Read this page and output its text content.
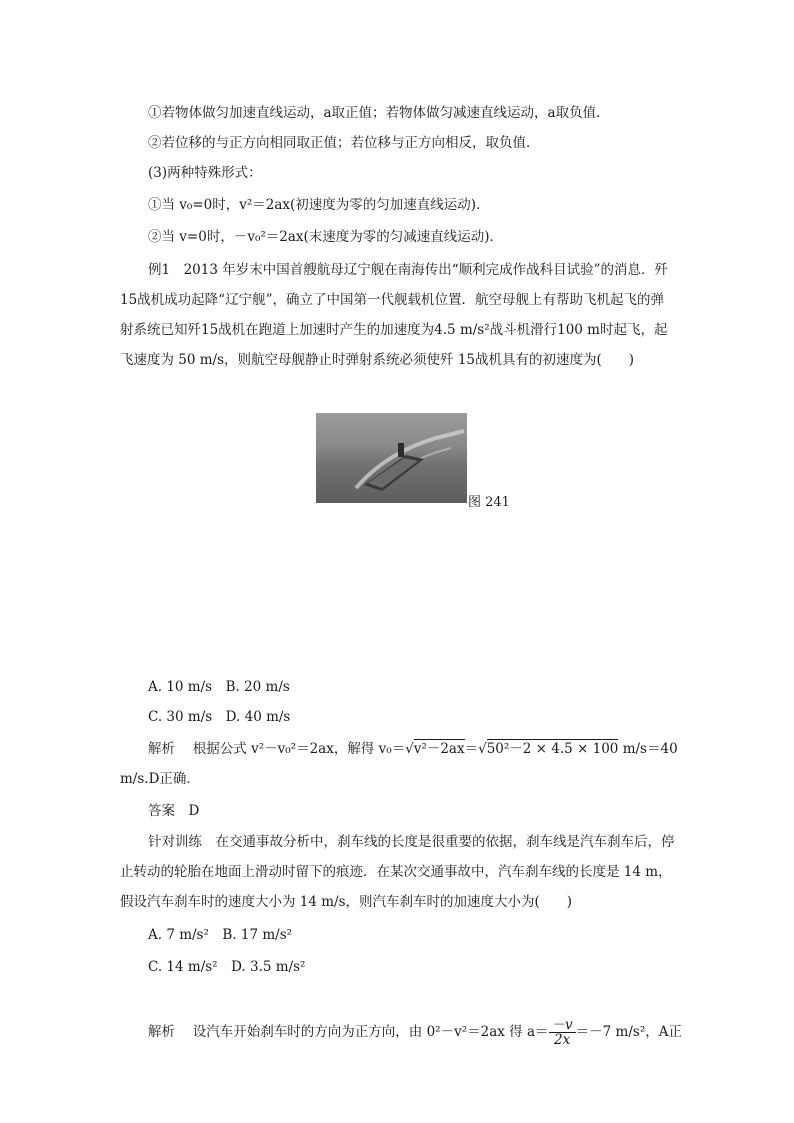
①若物体做匀加速直线运动，a取正值；若物体做匀减速直线运动，a取负值．
②若位移的与正方向相同取正值；若位移与正方向相反，取负值．
(3)两种特殊形式：
①当 v₀=0时，v²＝2ax(初速度为零的匀加速直线运动)．
②当 v=0时，－v₀²＝2ax(末速度为零的匀减速直线运动)．
例1　2013 年岁末中国首艘航母辽宁舰在南海传出“顺利完成作战科目试验”的消息．歼 15战机成功起降“辽宁舰”，确立了中国第一代舰载机位置．航空母舰上有帮助飞机起飞的弹射系统已知歼15战机在跑道上加速时产生的加速度为4.5 m/s²战斗机滑行100 m时起飞，起飞速度为 50 m/s，则航空母舰静止时弹射系统必须使歼 15战机具有的初速度为(　　)
图 241
A. 10 m/s　B. 20 m/s
C. 30 m/s　D. 40 m/s
解析　 根据公式 v²－v₀²＝2ax，解得 v₀＝√v²－2ax＝√50²－2 × 4.5 × 100 m/s＝40
m/s.D正确．
答案　 D
针对训练　在交通事故分析中，刹车线的长度是很重要的依据，刹车线是汽车刹车后，停止转动的轮胎在地面上滑动时留下的痕迹．在某次交通事故中，汽车刹车线的长度是 14 m，假设汽车刹车时的速度大小为 14 m/s，则汽车刹车时的加速度大小为(　　)
A. 7 m/s²　B. 17 m/s²
C. 14 m/s²　D. 3.5 m/s²
解析　 设汽车开始刹车时的方向为正方向，由 0²－v²＝2ax 得 $a= \frac{-v}{2x} =-7$ m/s²，A正
